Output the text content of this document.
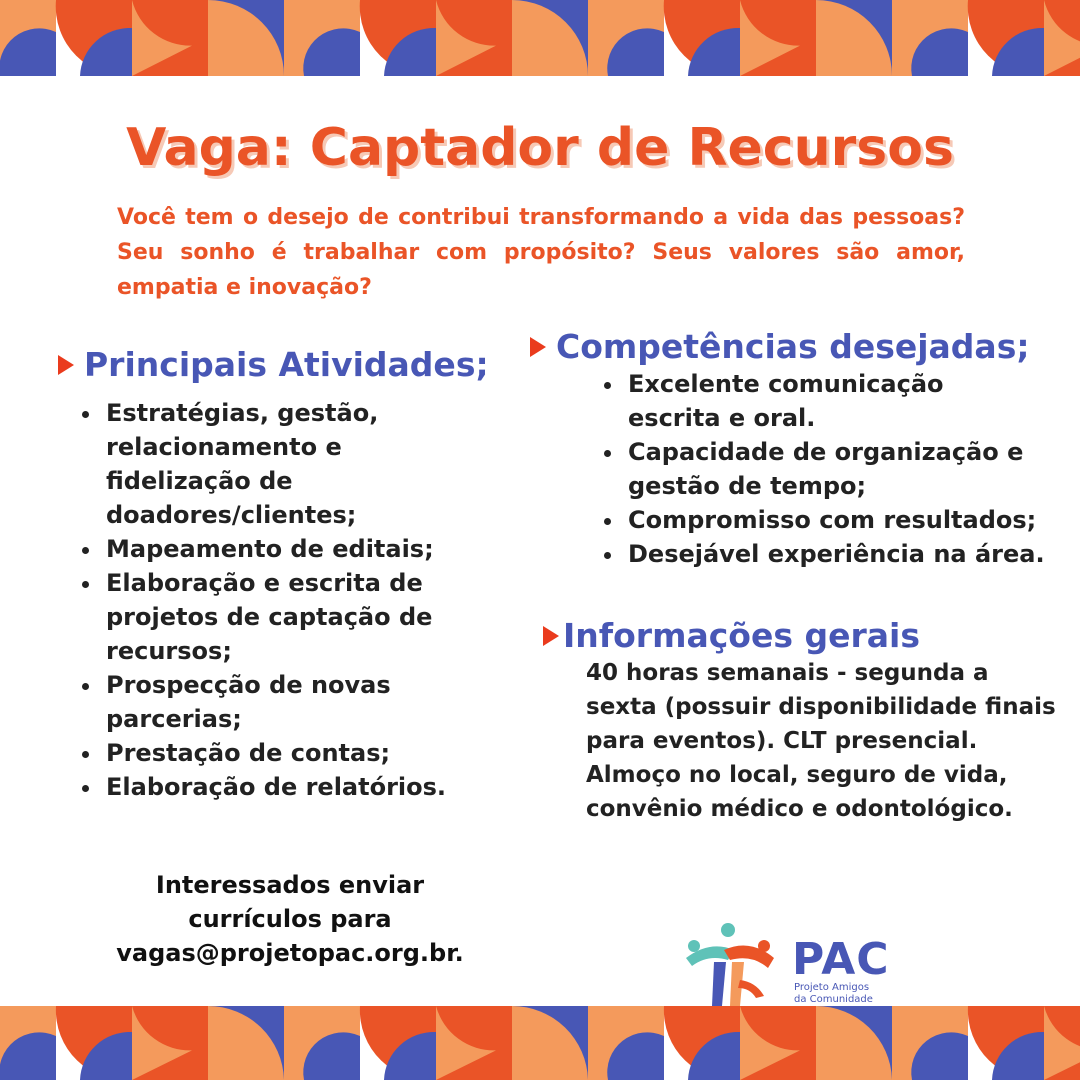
Vaga: Captador de Recursos

Você tem o desejo de contribui transformando a vida das pessoas? Seu sonho é trabalhar com propósito? Seus valores são amor, empatia e inovação?

Principais Atividades;
Estratégias, gestão, relacionamento e fidelização de doadores/clientes;
Mapeamento de editais;
Elaboração e escrita de projetos de captação de recursos;
Prospecção de novas parcerias;
Prestação de contas;
Elaboração de relatórios.
Competências desejadas;
Excelente comunicação escrita e oral.
Capacidade de organização e gestão de tempo;
Compromisso com resultados;
Desejável experiência na área.
Informações gerais

40 horas semanais - segunda a sexta (possuir disponibilidade finais para eventos). CLT presencial. Almoço no local, seguro de vida, convênio médico e odontológico.

Interessados enviar currículos para vagas@projetopac.org.br.	PAC
Projeto Amigos
da Comunidade
